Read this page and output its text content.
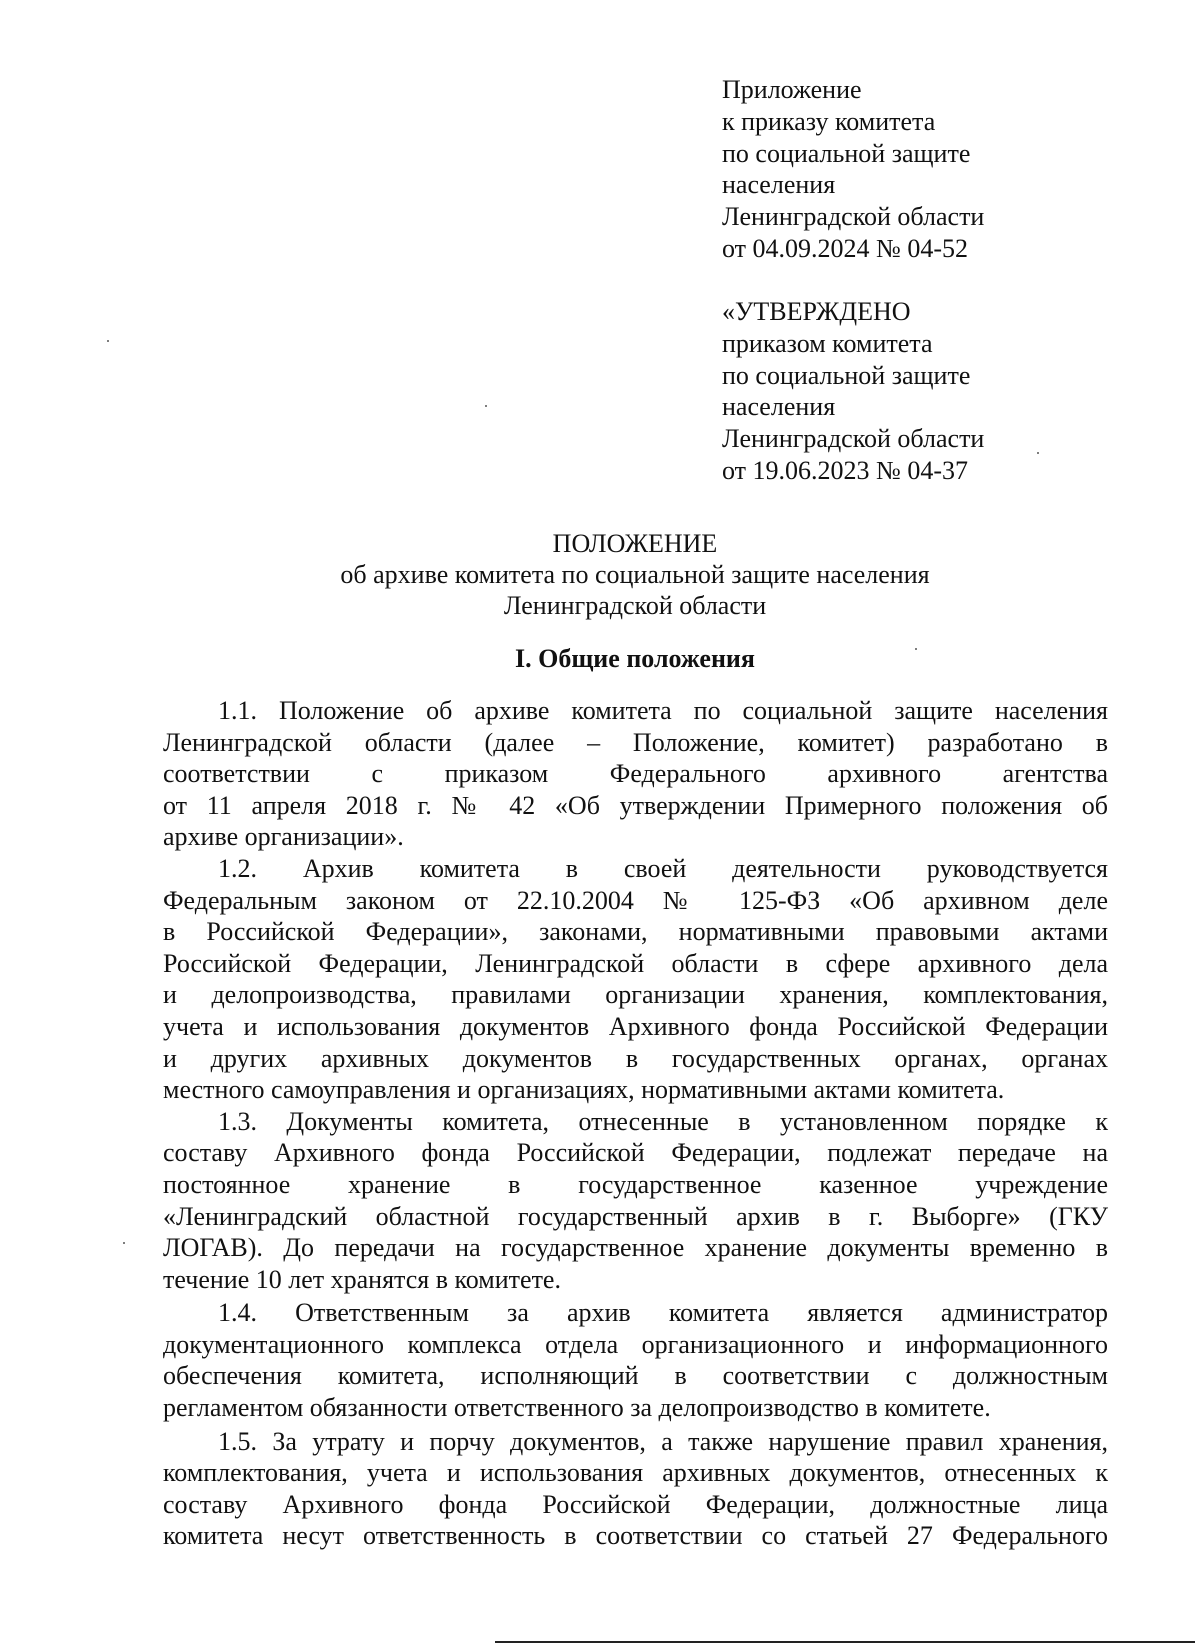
Приложение
к приказу комитета
по социальной защите
населения
Ленинградской области
от 04.09.2024 № 04-52
«УТВЕРЖДЕНО
приказом комитета
по социальной защите
населения
Ленинградской области
от 19.06.2023 № 04-37
ПОЛОЖЕНИЕ
об архиве комитета по социальной защите населения
Ленинградской области
I. Общие положения
1.1. Положение об архиве комитета по социальной защите населения
Ленинградской области (далее – Положение, комитет) разработано в
соответствии с приказом Федерального архивного агентства
от 11 апреля 2018 г. № 42 «Об утверждении Примерного положения об
архиве организации».
1.2. Архив комитета в своей деятельности руководствуется
Федеральным законом от 22.10.2004 № 125-ФЗ «Об архивном деле
в Российской Федерации», законами, нормативными правовыми актами
Российской Федерации, Ленинградской области в сфере архивного дела
и делопроизводства, правилами организации хранения, комплектования,
учета и использования документов Архивного фонда Российской Федерации
и других архивных документов в государственных органах, органах
местного самоуправления и организациях, нормативными актами комитета.
1.3. Документы комитета, отнесенные в установленном порядке к
составу Архивного фонда Российской Федерации, подлежат передаче на
постоянное хранение в государственное казенное учреждение
«Ленинградский областной государственный архив в г. Выборге» (ГКУ
ЛОГАВ). До передачи на государственное хранение документы временно в
течение 10 лет хранятся в комитете.
1.4. Ответственным за архив комитета является администратор
документационного комплекса отдела организационного и информационного
обеспечения комитета, исполняющий в соответствии с должностным
регламентом обязанности ответственного за делопроизводство в комитете.
1.5. За утрату и порчу документов, а также нарушение правил хранения,
комплектования, учета и использования архивных документов, отнесенных к
составу Архивного фонда Российской Федерации, должностные лица
комитета несут ответственность в соответствии со статьей 27 Федерального
